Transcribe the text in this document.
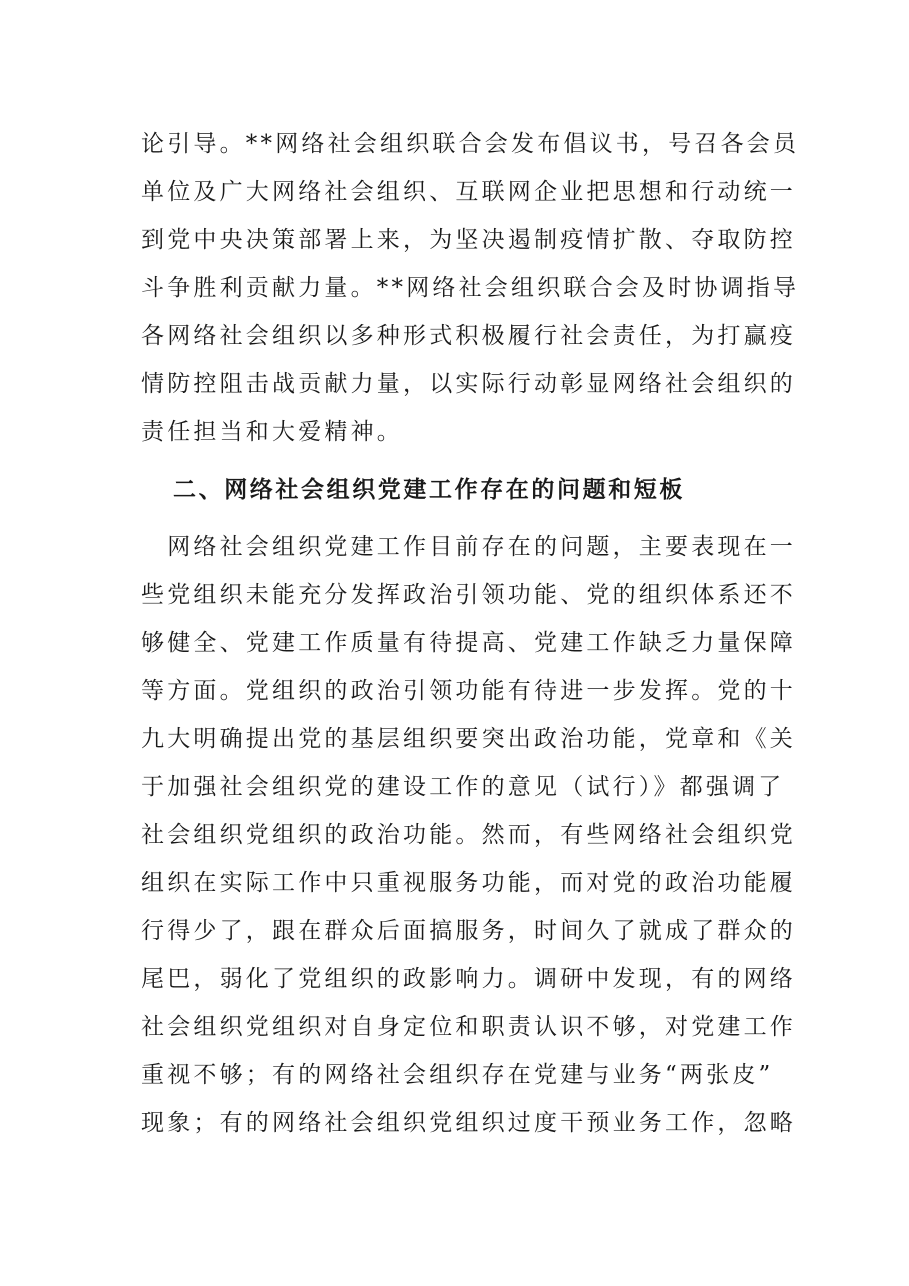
论引导。**网络社会组织联合会发布倡议书，号召各会员
单位及广大网络社会组织、互联网企业把思想和行动统一
到党中央决策部署上来，为坚决遏制疫情扩散、夺取防控
斗争胜利贡献力量。**网络社会组织联合会及时协调指导
各网络社会组织以多种形式积极履行社会责任，为打赢疫
情防控阻击战贡献力量，以实际行动彰显网络社会组织的
责任担当和大爱精神。
二、网络社会组织党建工作存在的问题和短板
　网络社会组织党建工作目前存在的问题，主要表现在一
些党组织未能充分发挥政治引领功能、党的组织体系还不
够健全、党建工作质量有待提高、党建工作缺乏力量保障
等方面。党组织的政治引领功能有待进一步发挥。党的十
九大明确提出党的基层组织要突出政治功能，党章和《关
于加强社会组织党的建设工作的意见（试行）》都强调了
社会组织党组织的政治功能。然而，有些网络社会组织党
组织在实际工作中只重视服务功能，而对党的政治功能履
行得少了，跟在群众后面搞服务，时间久了就成了群众的
尾巴，弱化了党组织的政影响力。调研中发现，有的网络
社会组织党组织对自身定位和职责认识不够，对党建工作
重视不够；有的网络社会组织存在党建与业务“两张皮”
现象；有的网络社会组织党组织过度干预业务工作，忽略
